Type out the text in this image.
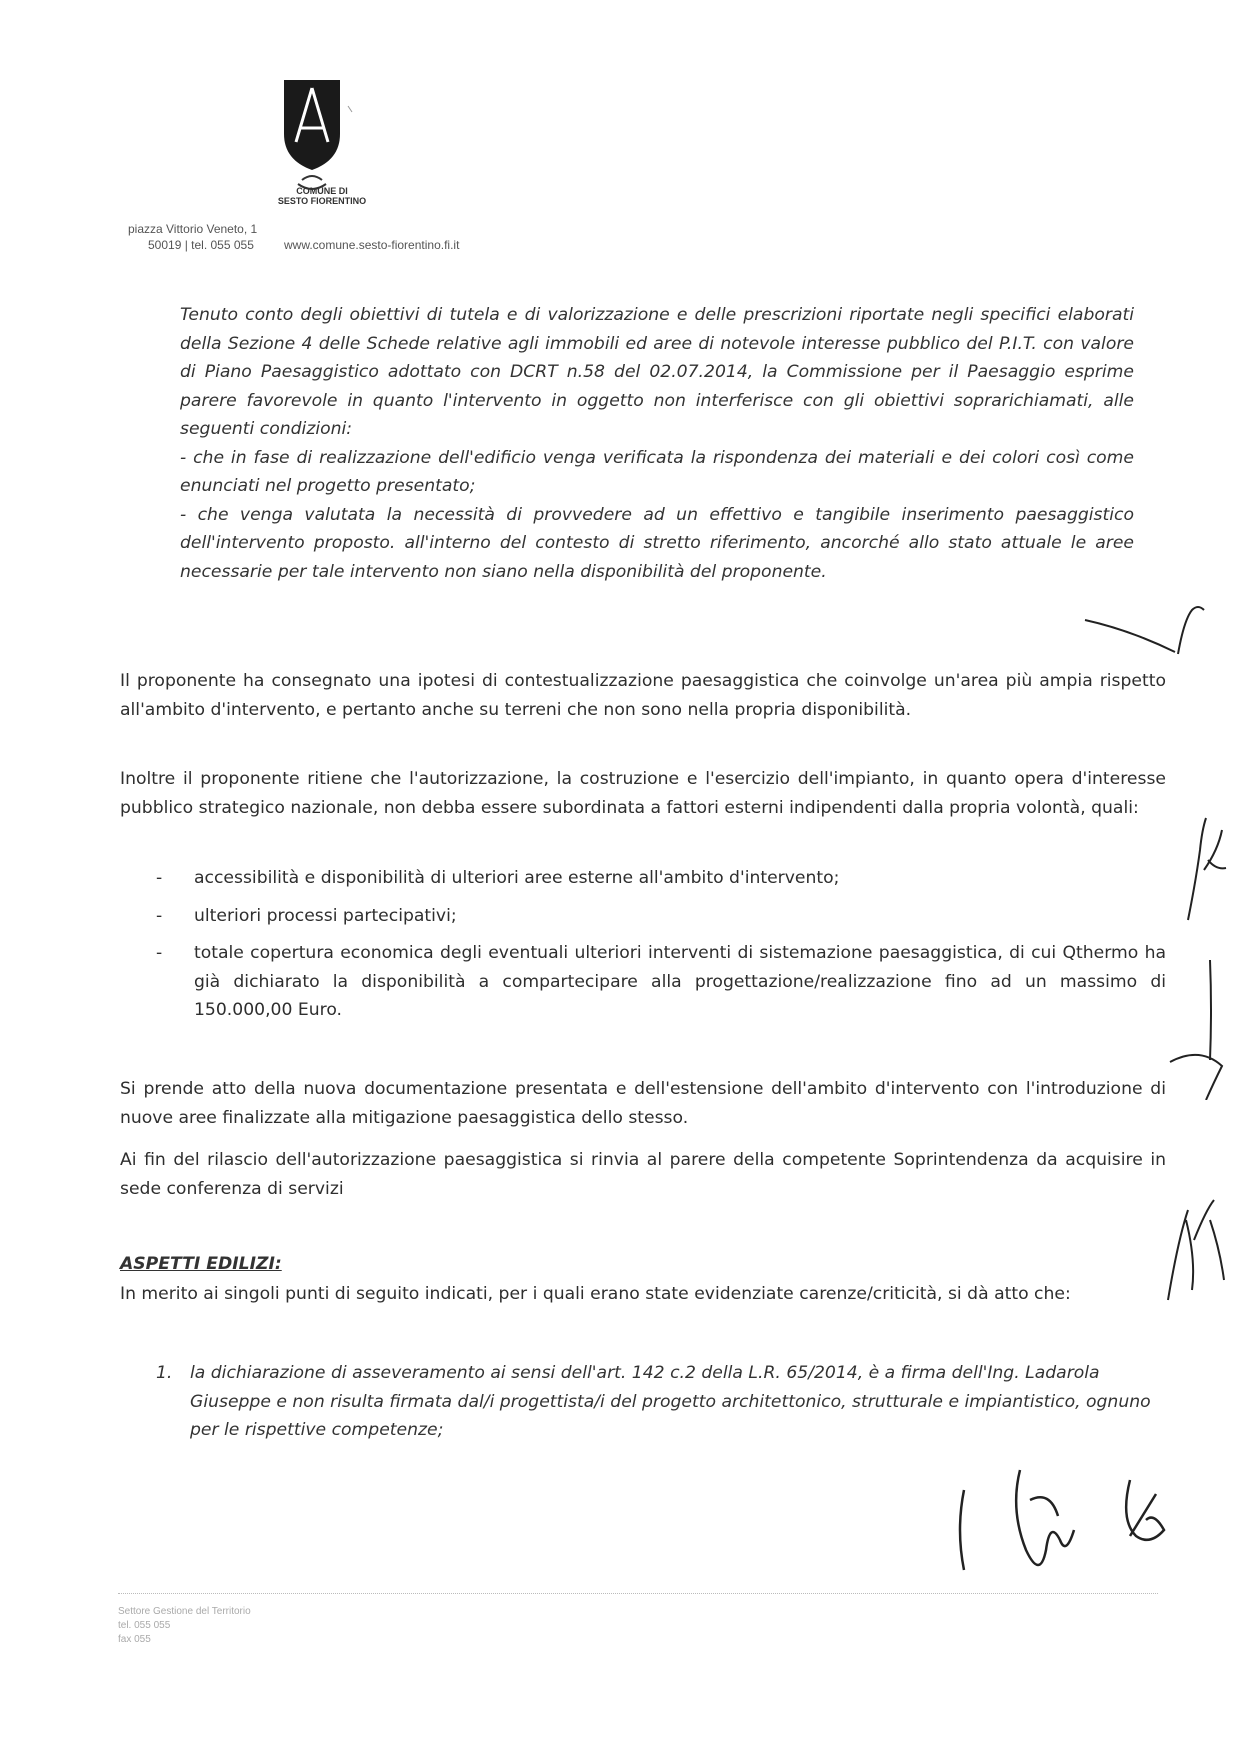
COMUNE DI
SESTO FIORENTINO
piazza Vittorio Veneto, 1
50019 | tel. 055 055	www.comune.sesto-fiorentino.fi.it

Tenuto conto degli obiettivi di tutela e di valorizzazione e delle prescrizioni riportate negli specifici elaborati della Sezione 4 delle Schede relative agli immobili ed aree di notevole interesse pubblico del P.I.T. con valore di Piano Paesaggistico adottato con DCRT n.58 del 02.07.2014, la Commissione per il Paesaggio esprime parere favorevole in quanto l'intervento in oggetto non interferisce con gli obiettivi soprarichiamati, alle seguenti condizioni:

- che in fase di realizzazione dell'edificio venga verificata la rispondenza dei materiali e dei colori così come enunciati nel progetto presentato;

- che venga valutata la necessità di provvedere ad un effettivo e tangibile inserimento paesaggistico dell'intervento proposto. all'interno del contesto di stretto riferimento, ancorché allo stato attuale le aree necessarie per tale intervento non siano nella disponibilità del proponente.

Il proponente ha consegnato una ipotesi di contestualizzazione paesaggistica che coinvolge un'area più ampia rispetto all'ambito d'intervento, e pertanto anche su terreni che non sono nella propria disponibilità.

Inoltre il proponente ritiene che l'autorizzazione, la costruzione e l'esercizio dell'impianto, in quanto opera d'interesse pubblico strategico nazionale, non debba essere subordinata a fattori esterni indipendenti dalla propria volontà, quali:

- accessibilità e disponibilità di ulteriori aree esterne all'ambito d'intervento;
- ulteriori processi partecipativi;
- totale copertura economica degli eventuali ulteriori interventi di sistemazione paesaggistica, di cui Qthermo ha già dichiarato la disponibilità a compartecipare alla progettazione/realizzazione fino ad un massimo di 150.000,00 Euro.

Si prende atto della nuova documentazione presentata e dell'estensione dell'ambito d'intervento con l'introduzione di nuove aree finalizzate alla mitigazione paesaggistica dello stesso.

Ai fin del rilascio dell'autorizzazione paesaggistica si rinvia al parere della competente Soprintendenza da acquisire in sede conferenza di servizi

ASPETTI EDILIZI:

In merito ai singoli punti di seguito indicati, per i quali erano state evidenziate carenze/criticità, si dà atto che:

1. la dichiarazione di asseveramento ai sensi dell'art. 142 c.2 della L.R. 65/2014, è a firma dell'Ing. Ladarola Giuseppe e non risulta firmata dal/i progettista/i del progetto architettonico, strutturale e impiantistico, ognuno per le rispettive competenze;
Settore Gestione del Territorio
tel. 055 055
fax 055
